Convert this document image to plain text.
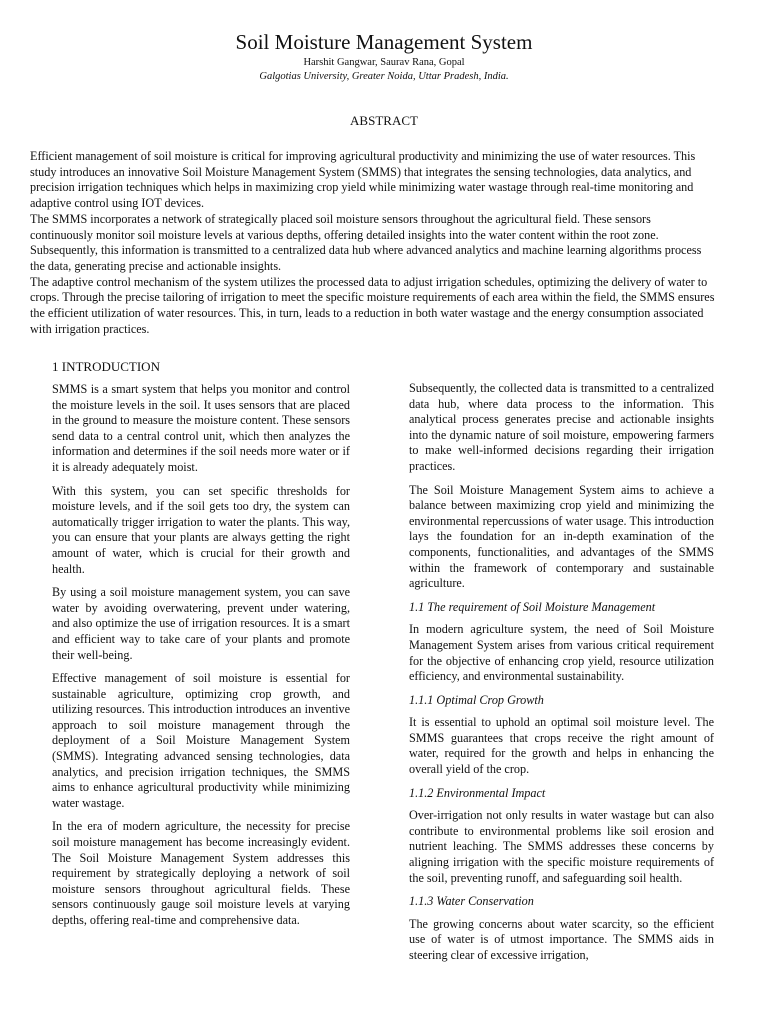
Soil Moisture Management System
Harshit Gangwar, Saurav Rana, Gopal
Galgotias University, Greater Noida, Uttar Pradesh, India.
ABSTRACT

Efficient management of soil moisture is critical for improving agricultural productivity and minimizing the use of water resources. This study introduces an innovative Soil Moisture Management System (SMMS) that integrates the sensing technologies, data analytics, and precision irrigation techniques which helps in maximizing crop yield while minimizing water wastage through real-time monitoring and adaptive control using IOT devices.

The SMMS incorporates a network of strategically placed soil moisture sensors throughout the agricultural field. These sensors continuously monitor soil moisture levels at various depths, offering detailed insights into the water content within the root zone. Subsequently, this information is transmitted to a centralized data hub where advanced analytics and machine learning algorithms process the data, generating precise and actionable insights.

The adaptive control mechanism of the system utilizes the processed data to adjust irrigation schedules, optimizing the delivery of water to crops. Through the precise tailoring of irrigation to meet the specific moisture requirements of each area within the field, the SMMS ensures the efficient utilization of water resources. This, in turn, leads to a reduction in both water wastage and the energy consumption associated with irrigation practices.

1 INTRODUCTION

SMMS is a smart system that helps you monitor and control the moisture levels in the soil. It uses sensors that are placed in the ground to measure the moisture content. These sensors send data to a central control unit, which then analyzes the information and determines if the soil needs more water or if it is already adequately moist.

With this system, you can set specific thresholds for moisture levels, and if the soil gets too dry, the system can automatically trigger irrigation to water the plants. This way, you can ensure that your plants are always getting the right amount of water, which is crucial for their growth and health.

By using a soil moisture management system, you can save water by avoiding overwatering, prevent under watering, and also optimize the use of irrigation resources. It is a smart and efficient way to take care of your plants and promote their well-being.

Effective management of soil moisture is essential for sustainable agriculture, optimizing crop growth, and utilizing resources. This introduction introduces an inventive approach to soil moisture management through the deployment of a Soil Moisture Management System (SMMS). Integrating advanced sensing technologies, data analytics, and precision irrigation techniques, the SMMS aims to enhance agricultural productivity while minimizing water wastage.

In the era of modern agriculture, the necessity for precise soil moisture management has become increasingly evident. The Soil Moisture Management System addresses this requirement by strategically deploying a network of soil moisture sensors throughout agricultural fields. These sensors continuously gauge soil moisture levels at varying depths, offering real-time and comprehensive data.

Subsequently, the collected data is transmitted to a centralized data hub, where data process to the information. This analytical process generates precise and actionable insights into the dynamic nature of soil moisture, empowering farmers to make well-informed decisions regarding their irrigation practices.

The Soil Moisture Management System aims to achieve a balance between maximizing crop yield and minimizing the environmental repercussions of water usage. This introduction lays the foundation for an in-depth examination of the components, functionalities, and advantages of the SMMS within the framework of contemporary and sustainable agriculture.

1.1 The requirement of Soil Moisture Management

In modern agriculture system, the need of Soil Moisture Management System arises from various critical requirement for the objective of enhancing crop yield, resource utilization efficiency, and environmental sustainability.

1.1.1 Optimal Crop Growth

It is essential to uphold an optimal soil moisture level. The SMMS guarantees that crops receive the right amount of water, required for the growth and helps in enhancing the overall yield of the crop.

1.1.2 Environmental Impact

Over-irrigation not only results in water wastage but can also contribute to environmental problems like soil erosion and nutrient leaching. The SMMS addresses these concerns by aligning irrigation with the specific moisture requirements of the soil, preventing runoff, and safeguarding soil health.

1.1.3 Water Conservation

The growing concerns about water scarcity, so the efficient use of water is of utmost importance. The SMMS aids in steering clear of excessive irrigation,
